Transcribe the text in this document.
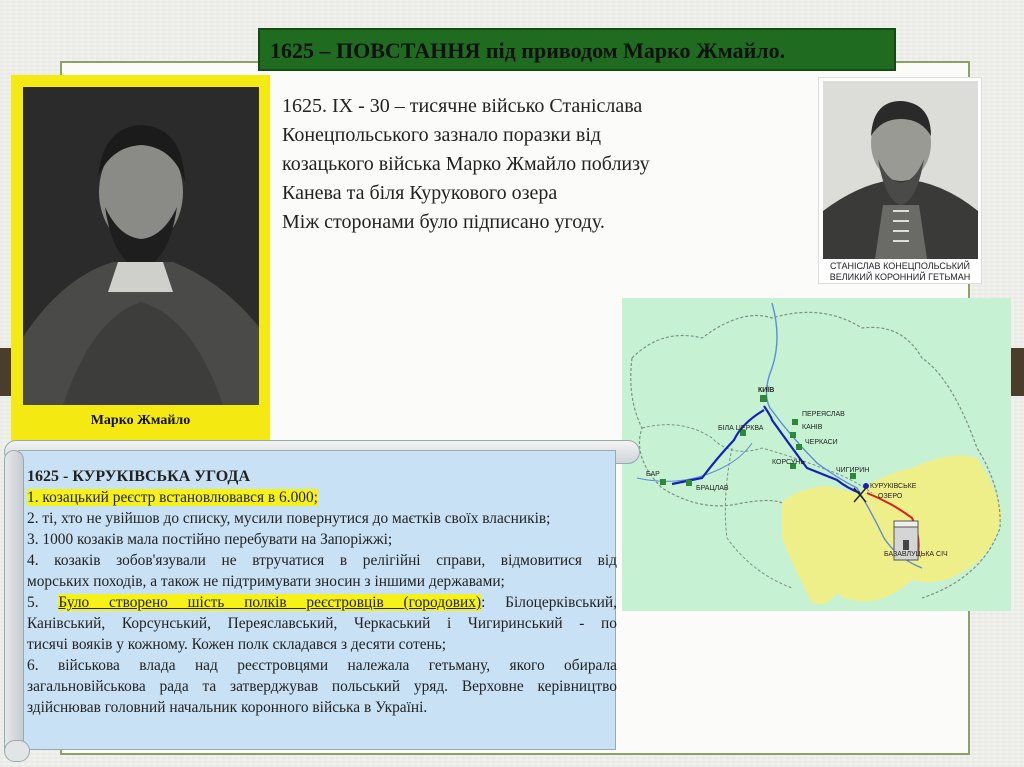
1625 – ПОВСТАННЯ під приводом Марко Жмайло.
Марко Жмайло
1625. ІХ - 30 – тисячне військо Станіслава
Конецпольського зазнало поразки від
козацького війська Марко Жмайло поблизу
Канева та біля Курукового озера
Між сторонами було підписано угоду.
СТАНІСЛАВ КОНЕЦПОЛЬСЬКИЙ
ВЕЛИКИЙ КОРОННИЙ ГЕТЬМАН
КИЇВ
ПЕРЕЯСЛАВ
КАНІВ
ЧЕРКАСИ
КОРСУНЬ
БІЛА ЦЕРКВА
ЧИГИРИН
БАР
БРАЦЛАВ	КУРУКІВСЬКЕ
ОЗЕРО
БАЗАВЛУЦЬКА СІЧ
1625 - КУРУКІВСЬКА УГОДА
1. козацький реєстр встановлювався в 6.000;
2. ті, хто не увійшов до списку, мусили повернутися до маєтків своїх власників;
3. 1000 козаків мала постійно перебувати на Запоріжжі;
4. козаків зобов'язували не втручатися в релігійні справи, відмовитися від
морських походів, а також не підтримувати зносин з іншими державами;
5. Було створено шість полків реєстровців (городових): Білоцерківський,
Канівський, Корсунський, Переяславський, Черкаський і Чигиринський - по
тисячі вояків у кожному. Кожен полк складався з десяти сотень;
6. військова влада над реєстровцями належала гетьману, якого обирала
загальновійськова рада та затверджував польський уряд. Верховне керівництво
здійснював головний начальник коронного війська в Україні.
